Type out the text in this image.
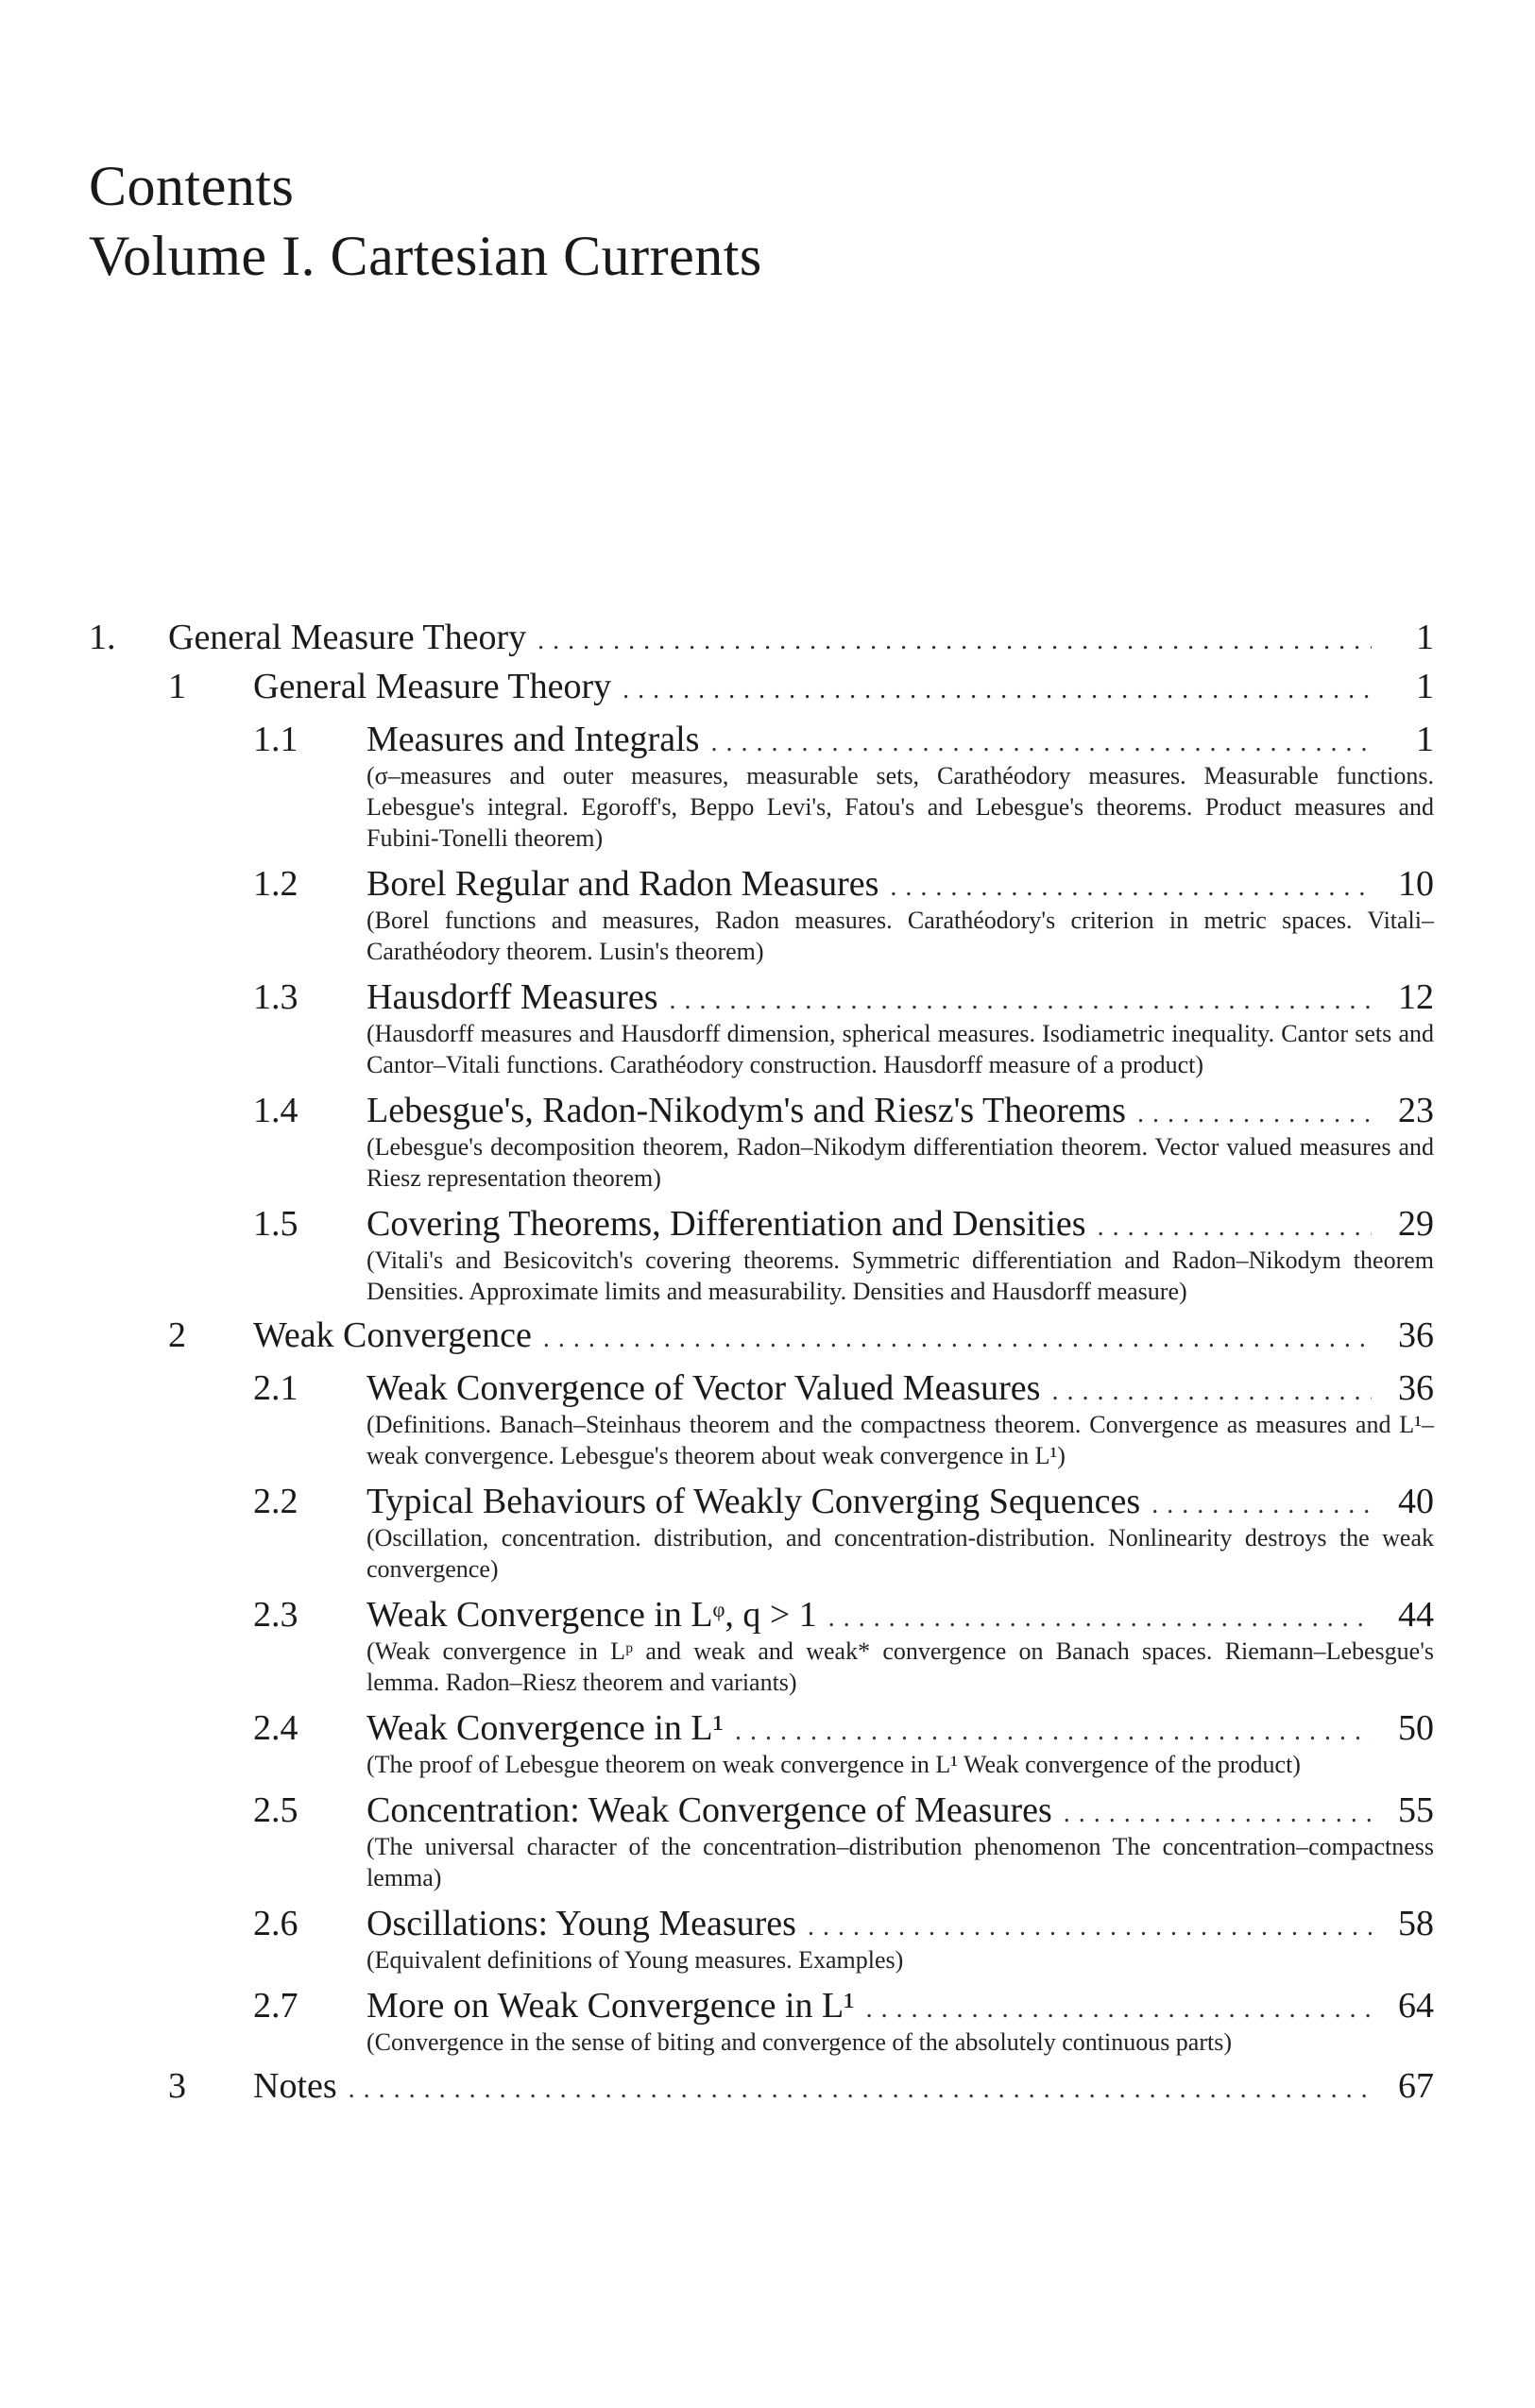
Contents
Volume I. Cartesian Currents
1.	General Measure Theory . . .	1
1	General Measure Theory . . .	1
1.1	Measures and Integrals . . .	1
(σ–measures and outer measures, measurable sets, Carathéodory measures. Measurable functions. Lebesgue's integral. Egoroff's, Beppo Levi's, Fatou's and Lebesgue's theorems. Product measures and Fubini-Tonelli theorem)
1.2	Borel Regular and Radon Measures . . .	10
(Borel functions and measures, Radon measures. Carathéodory's criterion in metric spaces. Vitali–Carathéodory theorem. Lusin's theorem)
1.3	Hausdorff Measures . . .	12
(Hausdorff measures and Hausdorff dimension, spherical measures. Isodiametric inequality. Cantor sets and Cantor–Vitali functions. Carathéodory construction. Hausdorff measure of a product)
1.4	Lebesgue's, Radon-Nikodym's and Riesz's Theorems . . .	23
(Lebesgue's decomposition theorem, Radon–Nikodym differentiation theorem. Vector valued measures and Riesz representation theorem)
1.5	Covering Theorems, Differentiation and Densities . . .	29
(Vitali's and Besicovitch's covering theorems. Symmetric differentiation and Radon–Nikodym theorem Densities. Approximate limits and measurability. Densities and Hausdorff measure)
2	Weak Convergence . . .	36
2.1	Weak Convergence of Vector Valued Measures . . .	36
(Definitions. Banach–Steinhaus theorem and the compactness theorem. Convergence as measures and L¹–weak convergence. Lebesgue's theorem about weak convergence in L¹)
2.2	Typical Behaviours of Weakly Converging Sequences . . .	40
(Oscillation, concentration. distribution, and concentration-distribution. Nonlinearity destroys the weak convergence)
2.3	Weak Convergence in Lᵠ, q > 1 . . .	44
(Weak convergence in Lᵖ and weak and weak* convergence on Banach spaces. Riemann–Lebesgue's lemma. Radon–Riesz theorem and variants)
2.4	Weak Convergence in L¹ . . .	50
(The proof of Lebesgue theorem on weak convergence in L¹ Weak convergence of the product)
2.5	Concentration: Weak Convergence of Measures . . .	55
(The universal character of the concentration–distribution phenomenon The concentration–compactness lemma)
2.6	Oscillations: Young Measures . . .	58
(Equivalent definitions of Young measures. Examples)
2.7	More on Weak Convergence in L¹ . . .	64
(Convergence in the sense of biting and convergence of the absolutely continuous parts)
3	Notes . . .	67
